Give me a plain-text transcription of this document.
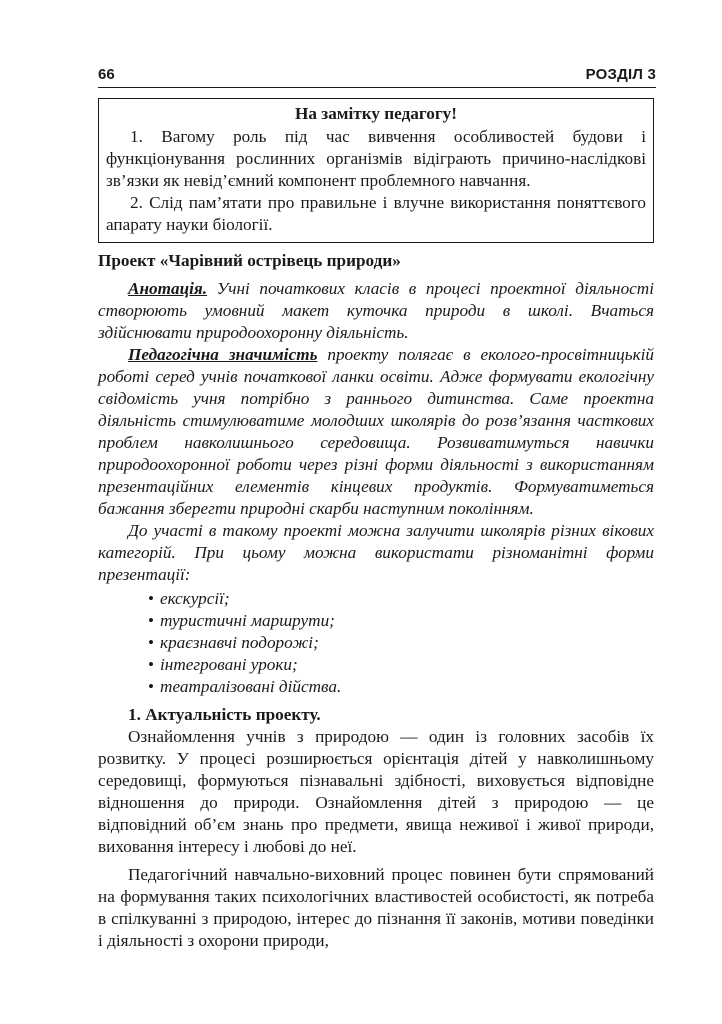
66	РОЗДІЛ 3
На замітку педагогу!

1. Вагому роль під час вивчення особливостей будови і функціонування рослинних організмів відіграють причино-наслідкові зв’язки як невід’ємний компонент проблемного навчання.

2. Слід пам’ятати про правильне і влучне використання поняттєвого апарату науки біології.

Проект «Чарівний острівець природи»

Анотація. Учні початкових класів в процесі проектної діяльності створюють умовний макет куточка природи в школі. Вчаться здійснювати природоохоронну діяльність.

Педагогічна значимість проекту полягає в еколого-просвітницькій роботі серед учнів початкової ланки освіти. Адже формувати екологічну свідомість учня потрібно з раннього дитинства. Саме проектна діяльність стимулюватиме молодших школярів до розв’язання часткових проблем навколишнього середовища. Розвиватимуться навички природоохоронної роботи через різні форми діяльності з використанням презентаційних елементів кінцевих продуктів. Формуватиметься бажання зберегти природні скарби наступним поколінням.

До участі в такому проекті можна залучити школярів різних вікових категорій. При цьому можна використати різноманітні форми презентації:

• екскурсії;
• туристичні маршрути;
• краєзнавчі подорожі;
• інтегровані уроки;
• театралізовані дійства.

1. Актуальність проекту.

Ознайомлення учнів з природою — один із головних засобів їх розвитку. У процесі розширюється орієнтація дітей у навколишньому середовищі, формуються пізнавальні здібності, виховується відповідне відношення до природи. Ознайомлення дітей з природою — це відповідний об’єм знань про предмети, явища неживої і живої природи, виховання інтересу і любові до неї.

Педагогічний навчально-виховний процес повинен бути спрямований на формування таких психологічних властивостей особистості, як потреба в спілкуванні з природою, інтерес до пізнання її законів, мотиви поведінки і діяльності з охорони природи,
